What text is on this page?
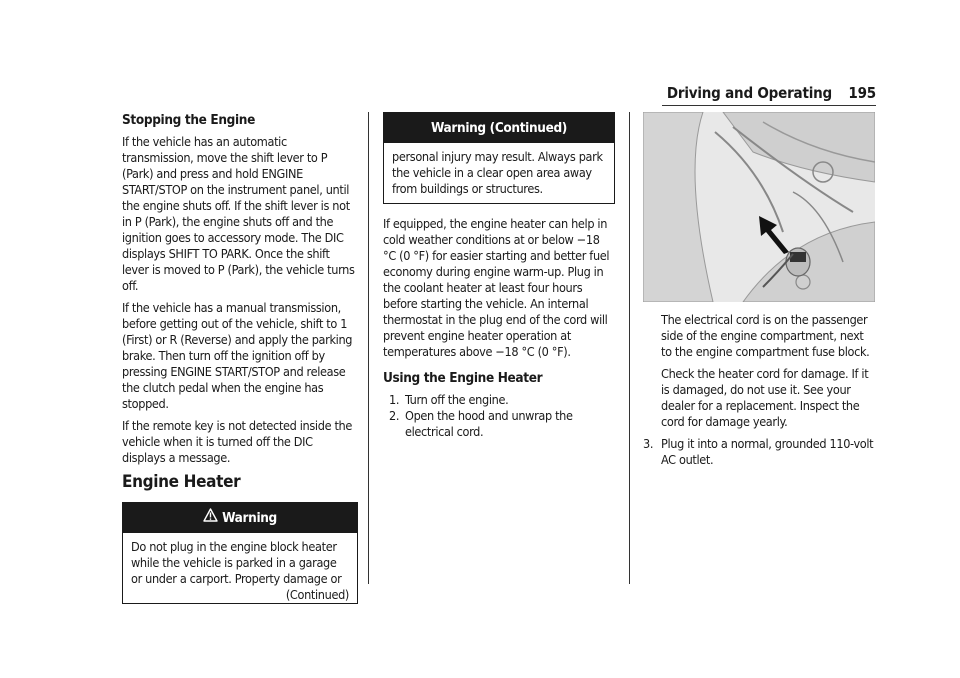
Driving and Operating 195
Stopping the Engine

If the vehicle has an automatic transmission, move the shift lever to P (Park) and press and hold ENGINE START/STOP on the instrument panel, until the engine shuts off. If the shift lever is not in P (Park), the engine shuts off and the ignition goes to accessory mode. The DIC displays SHIFT TO PARK. Once the shift lever is moved to P (Park), the vehicle turns off.

If the vehicle has a manual transmission, before getting out of the vehicle, shift to 1 (First) or R (Reverse) and apply the parking brake. Then turn off the ignition off by pressing ENGINE START/STOP and release the clutch pedal when the engine has stopped.

If the remote key is not detected inside the vehicle when it is turned off the DIC displays a message.

Engine Heater
Warning

Do not plug in the engine block heater while the vehicle is parked in a garage or under a carport. Property damage or

(Continued)

Warning (Continued)

personal injury may result. Always park the vehicle in a clear open area away from buildings or structures.

If equipped, the engine heater can help in cold weather conditions at or below −18 °C (0 °F) for easier starting and better fuel economy during engine warm-up. Plug in the coolant heater at least four hours before starting the vehicle. An internal thermostat in the plug end of the cord will prevent engine heater operation at temperatures above −18 °C (0 °F).

Using the Engine Heater
1. Turn off the engine.
2. Open the hood and unwrap the electrical cord.

The electrical cord is on the passenger side of the engine compartment, next to the engine compartment fuse block.

Check the heater cord for damage. If it is damaged, do not use it. See your dealer for a replacement. Inspect the cord for damage yearly.

3. Plug it into a normal, grounded 110-volt AC outlet.
